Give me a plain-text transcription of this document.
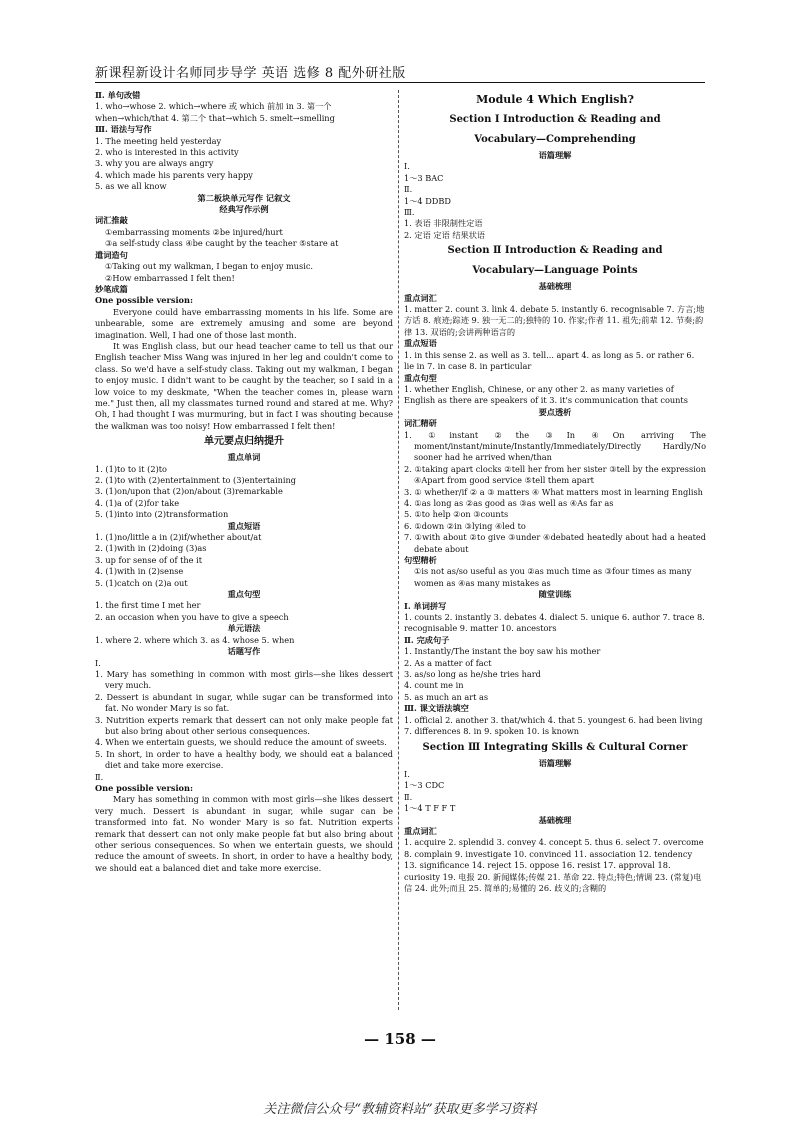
新课程新设计名师同步导学 英语 选修 8 配外研社版

Ⅱ. 单句改错

1. who→whose 2. which→where 或 which 前加 in 3. 第一个 when→which/that 4. 第二个 that→which 5. smelt→smelling

Ⅲ. 语法与写作

1. The meeting held yesterday

2. who is interested in this activity

3. why you are always angry

4. which made his parents very happy

5. as we all know

第二板块单元写作 记叙文

经典写作示例

词汇推敲

①embarrassing moments ②be injured/hurt

③a self-study class ④be caught by the teacher ⑤stare at

遣词造句

①Taking out my walkman, I began to enjoy music.

②How embarrassed I felt then!

妙笔成篇

One possible version:

Everyone could have embarrassing moments in his life. Some are unbearable, some are extremely amusing and some are beyond imagination. Well, I had one of those last month.

It was English class, but our head teacher came to tell us that our English teacher Miss Wang was injured in her leg and couldn't come to class. So we'd have a self-study class. Taking out my walkman, I began to enjoy music. I didn't want to be caught by the teacher, so I said in a low voice to my deskmate, "When the teacher comes in, please warn me." Just then, all my classmates turned round and stared at me. Why? Oh, I had thought I was murmuring, but in fact I was shouting because the walkman was too noisy! How embarrassed I felt then!

单元要点归纳提升

重点单词

1. (1)to to it (2)to

2. (1)to with (2)entertainment to (3)entertaining

3. (1)on/upon that (2)on/about (3)remarkable

4. (1)a of (2)for take

5. (1)into into (2)transformation

重点短语

1. (1)no/little a in (2)if/whether about/at

2. (1)with in (2)doing (3)as

3. up for sense of of the it

4. (1)with in (2)sense

5. (1)catch on (2)a out

重点句型

1. the first time I met her

2. an occasion when you have to give a speech

单元语法

1. where 2. where which 3. as 4. whose 5. when

话题写作

Ⅰ.

1. Mary has something in common with most girls—she likes dessert very much.

2. Dessert is abundant in sugar, while sugar can be transformed into fat. No wonder Mary is so fat.

3. Nutrition experts remark that dessert can not only make people fat but also bring about other serious consequences.

4. When we entertain guests, we should reduce the amount of sweets.

5. In short, in order to have a healthy body, we should eat a balanced diet and take more exercise.

Ⅱ.

One possible version:

Mary has something in common with most girls—she likes dessert very much. Dessert is abundant in sugar, while sugar can be transformed into fat. No wonder Mary is so fat. Nutrition experts remark that dessert can not only make people fat but also bring about other serious consequences. So when we entertain guests, we should reduce the amount of sweets. In short, in order to have a healthy body, we should eat a balanced diet and take more exercise.

Module 4 Which English?

Section Ⅰ Introduction & Reading and

Vocabulary—Comprehending

语篇理解

Ⅰ.

1～3 BAC

Ⅱ.

1～4 DDBD

Ⅲ.

1. 表语 非限制性定语

2. 定语 定语 结果状语

Section Ⅱ Introduction & Reading and

Vocabulary—Language Points

基础梳理

重点词汇

1. matter 2. count 3. link 4. debate 5. instantly 6. recognisable 7. 方言;地方话 8. 痕迹;踪迹 9. 独一无二的;独特的 10. 作家;作者 11. 祖先;前辈 12. 节奏;韵律 13. 双语的;会讲两种语言的

重点短语

1. in this sense 2. as well as 3. tell... apart 4. as long as 5. or rather 6. lie in 7. in case 8. in particular

重点句型

1. whether English, Chinese, or any other 2. as many varieties of English as there are speakers of it 3. it's communication that counts

要点透析

词汇精研

1. ①instant ②the ③In ④On arriving The moment/instant/minute/Instantly/Immediately/Directly Hardly/No sooner had he arrived when/than

2. ①taking apart clocks ②tell her from her sister ③tell by the expression ④Apart from good service ⑤tell them apart

3. ① whether/if ② a ③ matters ④ What matters most in learning English

4. ①as long as ②as good as ③as well as ④As far as

5. ①to help ②on ③counts

6. ①down ②in ③lying ④led to

7. ①with about ②to give ③under ④debated heatedly about had a heated debate about

句型精析

①is not as/so useful as you ②as much time as ③four times as many women as ④as many mistakes as

随堂训练

Ⅰ. 单词拼写

1. counts 2. instantly 3. debates 4. dialect 5. unique 6. author 7. trace 8. recognisable 9. matter 10. ancestors

Ⅱ. 完成句子

1. Instantly/The instant the boy saw his mother

2. As a matter of fact

3. as/so long as he/she tries hard

4. count me in

5. as much an art as

Ⅲ. 课文语法填空

1. official 2. another 3. that/which 4. that 5. youngest 6. had been living 7. differences 8. in 9. spoken 10. is known

Section Ⅲ Integrating Skills & Cultural Corner

语篇理解

Ⅰ.

1～3 CDC

Ⅱ.

1～4 T F F T

基础梳理

重点词汇

1. acquire 2. splendid 3. convey 4. concept 5. thus 6. select 7. overcome 8. complain 9. investigate 10. convinced 11. association 12. tendency 13. significance 14. reject 15. oppose 16. resist 17. approval 18. curiosity 19. 电报 20. 新闻媒体;传媒 21. 革命 22. 特点;特色;情调 23. (常复)电信 24. 此外;而且 25. 简单的;易懂的 26. 歧义的;含糊的

— 158 —
关注微信公众号“教辅资料站”获取更多学习资料
